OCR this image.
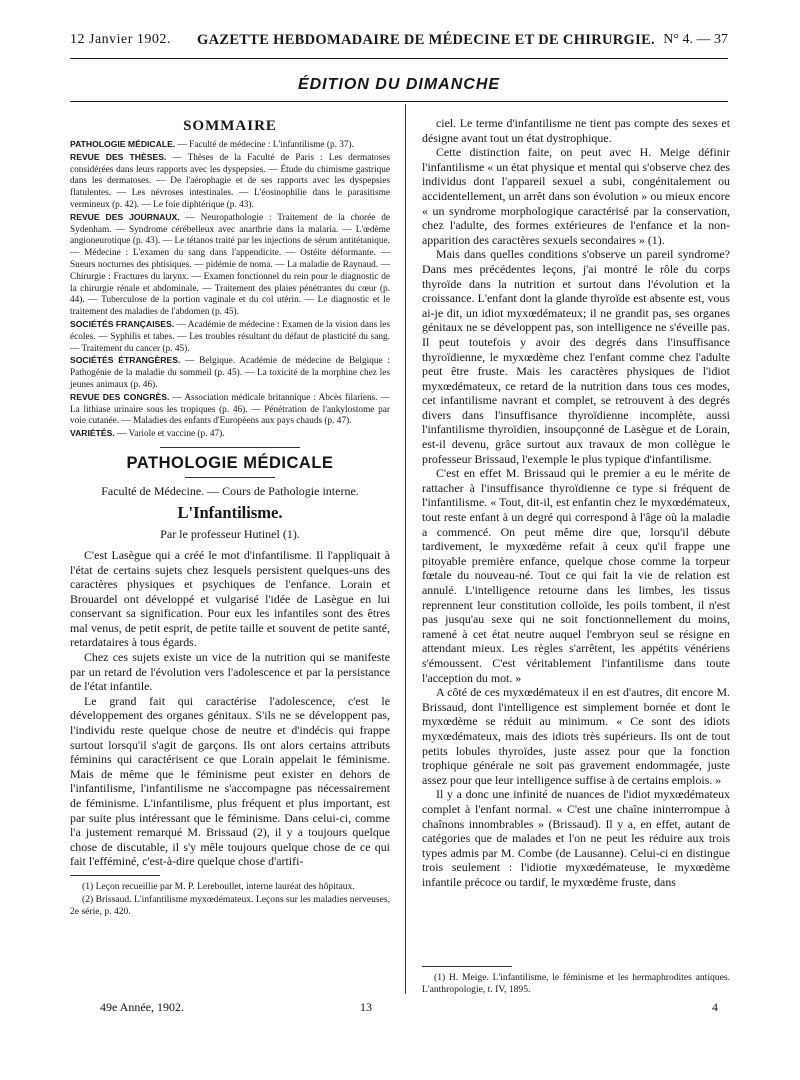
12 Janvier 1902. GAZETTE HEBDOMADAIRE DE MÉDECINE ET DE CHIRURGIE. N° 4. — 37
ÉDITION DU DIMANCHE
SOMMAIRE

PATHOLOGIE MÉDICALE. — Faculté de médecine : L'infantilisme (p. 37).

REVUE DES THÈSES. — Thèses de la Faculté de Paris : Les dermatoses considérées dans leurs rapports avec les dyspepsies. — Étude du chimisme gastrique dans les dermatoses. — De l'aérophagie et de ses rapports avec les dyspepsies flatulentes. — Les névroses intestinales. — L'éosinophilie dans le parasitisme vermineux (p. 42). — Le foie diphtérique (p. 43).

REVUE DES JOURNAUX. — Neuropathologie : Traitement de la chorée de Sydenham. — Syndrome cérébelleux avec anarthrie dans la malaria. — L'œdème angioneurotique (p. 43). — Le tétanos traité par les injections de sérum antitétanique. — Médecine : L'examen du sang dans l'appendicite. — Ostéite déformante. — Sueurs nocturnes des phtisiques. — pidémie de noma. — La maladie de Raynaud. — Chirurgie : Fractures du larynx. — Examen fonctionnel du rein pour le diagnostic de la chirurgie rénale et abdominale. — Traitement des plaies pénétrantes du cœur (p. 44). — Tuberculose de la portion vaginale et du col utérin. — Le diagnostic et le traitement des maladies de l'abdomen (p. 45).

SOCIÉTÉS FRANÇAISES. — Académie de médecine : Examen de la vision dans les écoles. — Syphilis et tabes. — Les troubles résultant du défaut de plasticité du sang. — Traitement du cancer (p. 45).

SOCIÉTÉS ÉTRANGÈRES. — Belgique. Académie de médecine de Belgique : Pathogénie de la maladie du sommeil (p. 45). — La toxicité de la morphine chez les jeunes animaux (p. 46).

REVUE DES CONGRÈS. — Association médicale britannique : Abcès filariens. — La lithiase urinaire sous les tropiques (p. 46). — Pénétration de l'ankylostome par voie cutanée. — Maladies des enfants d'Européens aux pays chauds (p. 47).

VARIÉTÉS. — Variole et vaccine (p. 47).

PATHOLOGIE MÉDICALE
Faculté de Médecine. — Cours de Pathologie interne.
L'Infantilisme.
Par le professeur Hutinel (1).

C'est Lasègue qui a créé le mot d'infantilisme. Il l'appliquait à l'état de certains sujets chez lesquels persistent quelques-uns des caractères physiques et psychiques de l'enfance. Lorain et Brouardel ont développé et vulgarisé l'idée de Lasègue en lui conservant sa signification. Pour eux les infantiles sont des êtres mal venus, de petit esprit, de petite taille et souvent de petite santé, retardataires à tous égards.

Chez ces sujets existe un vice de la nutrition qui se manifeste par un retard de l'évolution vers l'adolescence et par la persistance de l'état infantile.

Le grand fait qui caractérise l'adolescence, c'est le développement des organes génitaux. S'ils ne se développent pas, l'individu reste quelque chose de neutre et d'indécis qui frappe surtout lorsqu'il s'agit de garçons. Ils ont alors certains attributs féminins qui caractérisent ce que Lorain appelait le féminisme. Mais de même que le féminisme peut exister en dehors de l'infantilisme, l'infantilisme ne s'accompagne pas nécessairement de féminisme. L'infantilisme, plus fréquent et plus important, est par suite plus intéressant que le féminisme. Dans celui-ci, comme l'a justement remarqué M. Brissaud (2), il y a toujours quelque chose de discutable, il s'y mêle toujours quelque chose de ce qui fait l'efféminé, c'est-à-dire quelque chose d'artifi-

(1) Leçon recueillie par M. P. Lereboullet, interne lauréat des hôpitaux.

(2) Brissaud. L'infantilisme myxœdémateux. Leçons sur les maladies nerveuses, 2e série, p. 420.

ciel. Le terme d'infantilisme ne tient pas compte des sexes et désigne avant tout un état dystrophique.

Cette distinction faite, on peut avec H. Meige définir l'infantilisme « un état physique et mental qui s'observe chez des individus dont l'appareil sexuel a subi, congénitalement ou accidentellement, un arrêt dans son évolution » ou mieux encore « un syndrome morphologique caractérisé par la conservation, chez l'adulte, des formes extérieures de l'enfance et la non-apparition des caractères sexuels secondaires » (1).

Mais dans quelles conditions s'observe un pareil syndrome? Dans mes précédentes leçons, j'ai montré le rôle du corps thyroïde dans la nutrition et surtout dans l'évolution et la croissance. L'enfant dont la glande thyroïde est absente est, vous ai-je dit, un idiot myxœdémateux; il ne grandit pas, ses organes génitaux ne se développent pas, son intelligence ne s'éveille pas. Il peut toutefois y avoir des degrés dans l'insuffisance thyroïdienne, le myxœdème chez l'enfant comme chez l'adulte peut être fruste. Mais les caractères physiques de l'idiot myxœdémateux, ce retard de la nutrition dans tous ces modes, cet infantilisme navrant et complet, se retrouvent à des degrés divers dans l'insuffisance thyroïdienne incomplète, aussi l'infantilisme thyroïdien, insoupçonné de Lasègue et de Lorain, est-il devenu, grâce surtout aux travaux de mon collègue le professeur Brissaud, l'exemple le plus typique d'infantilisme.

C'est en effet M. Brissaud qui le premier a eu le mérite de rattacher à l'insuffisance thyroïdienne ce type si fréquent de l'infantilisme. « Tout, dit-il, est enfantin chez le myxœdémateux, tout reste enfant à un degré qui correspond à l'âge où la maladie a commencé. On peut même dire que, lorsqu'il débute tardivement, le myxœdème refait à ceux qu'il frappe une pitoyable première enfance, quelque chose comme la torpeur fœtale du nouveau-né. Tout ce qui fait la vie de relation est annulé. L'intelligence retourne dans les limbes, les tissus reprennent leur constitution colloïde, les poils tombent, il n'est pas jusqu'au sexe qui ne soit fonctionnellement du moins, ramené à cet état neutre auquel l'embryon seul se résigne en attendant mieux. Les règles s'arrêtent, les appétits vénériens s'émoussent. C'est véritablement l'infantilisme dans toute l'acception du mot. »

A côté de ces myxœdémateux il en est d'autres, dit encore M. Brissaud, dont l'intelligence est simplement bornée et dont le myxœdème se réduit au minimum. « Ce sont des idiots myxœdémateux, mais des idiots très supérieurs. Ils ont de tout petits lobules thyroïdes, juste assez pour que la fonction trophique générale ne soit pas gravement endommagée, juste assez pour que leur intelligence suffise à de certains emplois. »

Il y a donc une infinité de nuances de l'idiot myxœdémateux complet à l'enfant normal. « C'est une chaîne ininterrompue à chaînons innombrables » (Brissaud). Il y a, en effet, autant de catégories que de malades et l'on ne peut les réduire aux trois types admis par M. Combe (de Lausanne). Celui-ci en distingue trois seulement : l'idiotie myxœdémateuse, le myxœdème infantile précoce ou tardif, le myxœdème fruste, dans

(1) H. Meige. L'infantilisme, le féminisme et les hermaphrodites antiques. L'anthropologie, t. IV, 1895.

49e Année, 1902.	13	4
